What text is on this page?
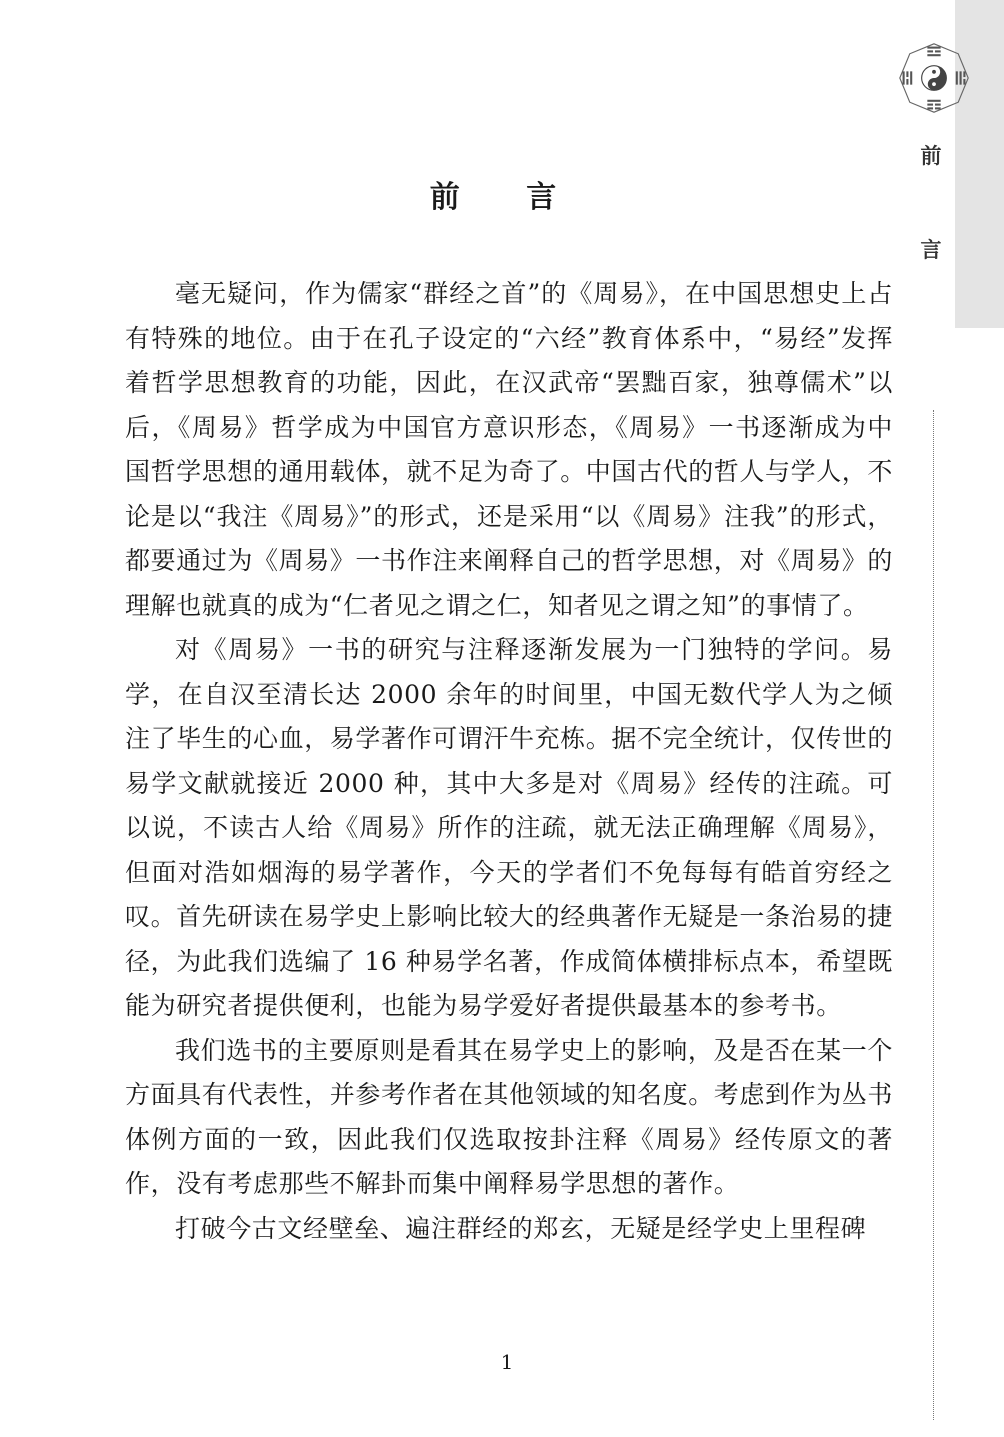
前
言
前 言

毫无疑问，作为儒家“群经之首”的《周易》，在中国思想史上占有特殊的地位。由于在孔子设定的“六经”教育体系中，“易经”发挥着哲学思想教育的功能，因此，在汉武帝“罢黜百家，独尊儒术”以后，《周易》哲学成为中国官方意识形态，《周易》一书逐渐成为中国哲学思想的通用载体，就不足为奇了。中国古代的哲人与学人，不论是以“我注《周易》”的形式，还是采用“以《周易》注我”的形式，都要通过为《周易》一书作注来阐释自己的哲学思想，对《周易》的理解也就真的成为“仁者见之谓之仁，知者见之谓之知”的事情了。

对《周易》一书的研究与注释逐渐发展为一门独特的学问。易学，在自汉至清长达 2000 余年的时间里，中国无数代学人为之倾注了毕生的心血，易学著作可谓汗牛充栋。据不完全统计，仅传世的易学文献就接近 2000 种，其中大多是对《周易》经传的注疏。可以说，不读古人给《周易》所作的注疏，就无法正确理解《周易》，但面对浩如烟海的易学著作，今天的学者们不免每每有皓首穷经之叹。首先研读在易学史上影响比较大的经典著作无疑是一条治易的捷径，为此我们选编了 16 种易学名著，作成简体横排标点本，希望既能为研究者提供便利，也能为易学爱好者提供最基本的参考书。

我们选书的主要原则是看其在易学史上的影响，及是否在某一个方面具有代表性，并参考作者在其他领域的知名度。考虑到作为丛书体例方面的一致，因此我们仅选取按卦注释《周易》经传原文的著作，没有考虑那些不解卦而集中阐释易学思想的著作。

打破今古文经壁垒、遍注群经的郑玄，无疑是经学史上里程碑

1
